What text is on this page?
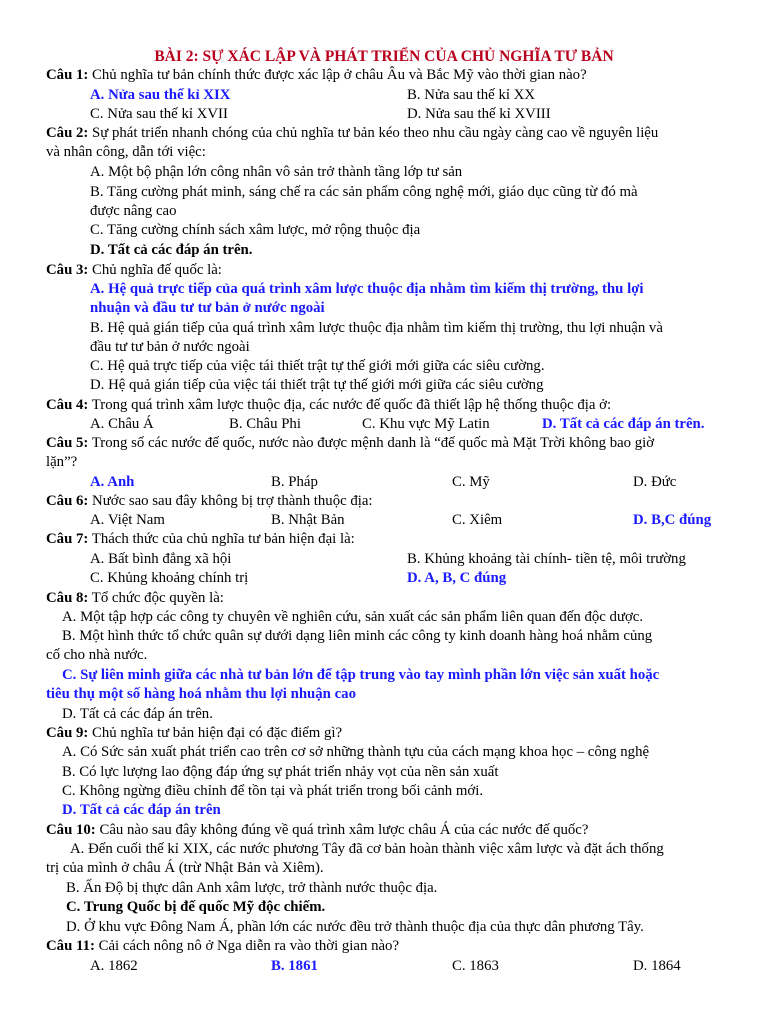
BÀI 2: SỰ XÁC LẬP VÀ PHÁT TRIỂN CỦA CHỦ NGHĨA TƯ BẢN
Câu 1: Chủ nghĩa tư bản chính thức được xác lập ở châu Âu và Bắc Mỹ vào thời gian nào?
A. Nửa sau thế kỉ XIX	B. Nửa sau thế kỉ XX
C. Nửa sau thế kỉ XVII	D. Nửa sau thế kỉ XVIII
Câu 2: Sự phát triển nhanh chóng của chủ nghĩa tư bản kéo theo nhu cầu ngày càng cao về nguyên liệu
và nhân công, dẫn tới việc:
A. Một bộ phận lớn công nhân vô sản trở thành tầng lớp tư sản
B. Tăng cường phát minh, sáng chế ra các sản phẩm công nghệ mới, giáo dục cũng từ đó mà
được nâng cao
C. Tăng cường chính sách xâm lược, mở rộng thuộc địa
D. Tất cả các đáp án trên.
Câu 3: Chủ nghĩa đế quốc là:
A. Hệ quả trực tiếp của quá trình xâm lược thuộc địa nhằm tìm kiếm thị trường, thu lợi
nhuận và đầu tư tư bản ở nước ngoài
B. Hệ quả gián tiếp của quá trình xâm lược thuộc địa nhằm tìm kiếm thị trường, thu lợi nhuận và
đầu tư tư bản ở nước ngoài
C. Hệ quả trực tiếp của việc tái thiết trật tự thế giới mới giữa các siêu cường.
D. Hệ quả gián tiếp của việc tái thiết trật tự thế giới mới giữa các siêu cường
Câu 4: Trong quá trình xâm lược thuộc địa, các nước đế quốc đã thiết lập hệ thống thuộc địa ở:
A. Châu Á	B. Châu Phi	C. Khu vực Mỹ Latin	D. Tất cả các đáp án trên.
Câu 5: Trong số các nước đế quốc, nước nào được mệnh danh là “đế quốc mà Mặt Trời không bao giờ
lặn”?
A. Anh	B. Pháp	C. Mỹ	D. Đức
Câu 6: Nước sao sau đây không bị trợ thành thuộc địa:
A. Việt Nam	B. Nhật Bản	C. Xiêm	D. B,C đúng
Câu 7: Thách thức của chủ nghĩa tư bản hiện đại là:
A. Bất bình đẳng xã hội	B. Khủng khoảng tài chính- tiền tệ, môi trường
C. Khủng khoảng chính trị	D. A, B, C đúng
Câu 8: Tổ chức độc quyền là:
A. Một tập hợp các công ty chuyên về nghiên cứu, sản xuất các sản phẩm liên quan đến độc dược.
B. Một hình thức tổ chức quân sự dưới dạng liên minh các công ty kinh doanh hàng hoá nhằm củng
cố cho nhà nước.
C. Sự liên minh giữa các nhà tư bản lớn để tập trung vào tay mình phần lớn việc sản xuất hoặc
tiêu thụ một số hàng hoá nhằm thu lợi nhuận cao
D. Tất cả các đáp án trên.
Câu 9: Chủ nghĩa tư bản hiện đại có đặc điểm gì?
A. Có Sức sản xuất phát triển cao trên cơ sở những thành tựu của cách mạng khoa học – công nghệ
B. Có lực lượng lao động đáp ứng sự phát triển nhảy vọt của nền sản xuất
C. Không ngừng điều chỉnh để tồn tại và phát triển trong bối cảnh mới.
D. Tất cả các đáp án trên
Câu 10: Câu nào sau đây không đúng về quá trình xâm lược châu Á của các nước đế quốc?
A. Đến cuối thế kỉ XIX, các nước phương Tây đã cơ bản hoàn thành việc xâm lược và đặt ách thống
trị của mình ở châu Á (trừ Nhật Bản và Xiêm).
B. Ấn Độ bị thực dân Anh xâm lược, trở thành nước thuộc địa.
C. Trung Quốc bị đế quốc Mỹ độc chiếm.
D. Ở khu vực Đông Nam Á, phần lớn các nước đều trở thành thuộc địa của thực dân phương Tây.
Câu 11: Cải cách nông nô ở Nga diễn ra vào thời gian nào?
A. 1862	B. 1861	C. 1863	D. 1864
